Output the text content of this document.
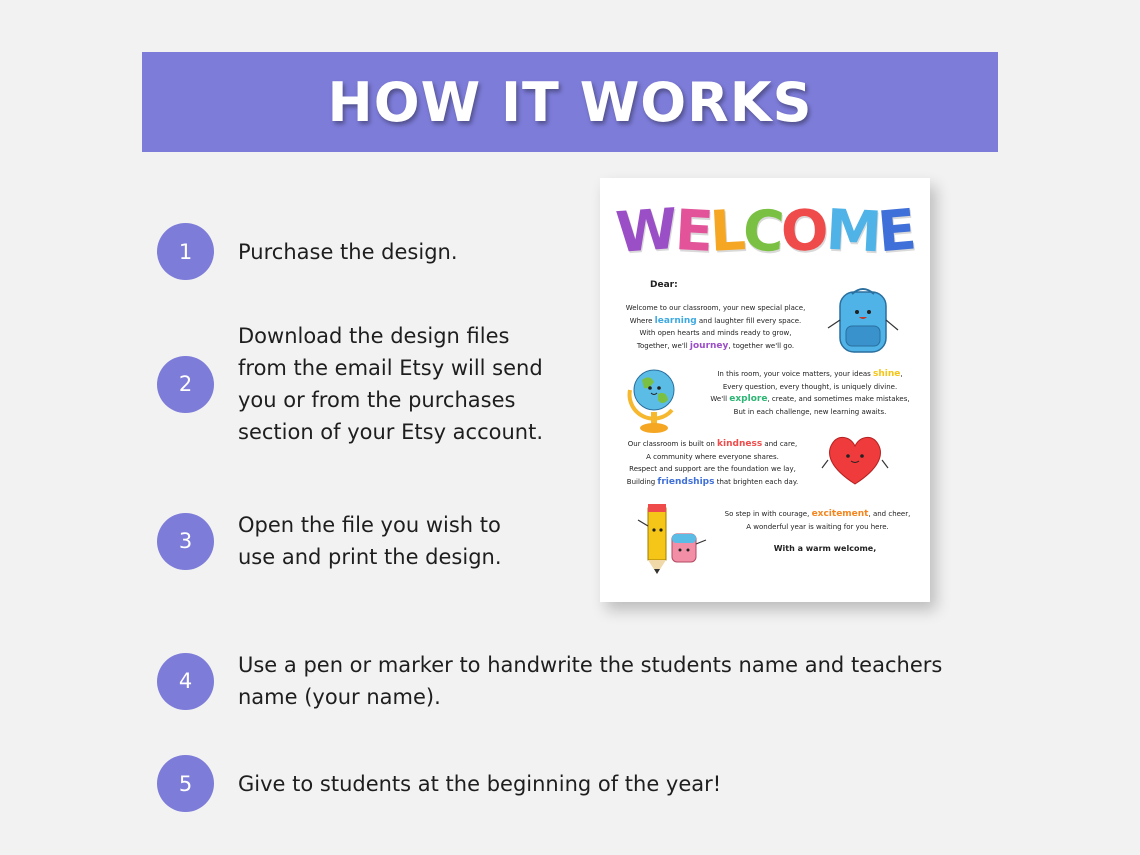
HOW IT WORKS
1	Purchase the design.
2
Download the design files
from the email Etsy will send
you or from the purchases
section of your Etsy account.
3
Open the file you wish to
use and print the design.
4
Use a pen or marker to handwrite the students name and teachers
name (your name).
5	Give to students at the beginning of the year!
WELCOME
Dear:
Welcome to our classroom, your new special place,
Where learning and laughter fill every space.
With open hearts and minds ready to grow,
Together, we'll journey, together we'll go.
In this room, your voice matters, your ideas shine,
Every question, every thought, is uniquely divine.
We'll explore, create, and sometimes make mistakes,
But in each challenge, new learning awaits.
Our classroom is built on kindness and care,
A community where everyone shares.
Respect and support are the foundation we lay,
Building friendships that brighten each day.
So step in with courage, excitement, and cheer,
A wonderful year is waiting for you here.
With a warm welcome,
